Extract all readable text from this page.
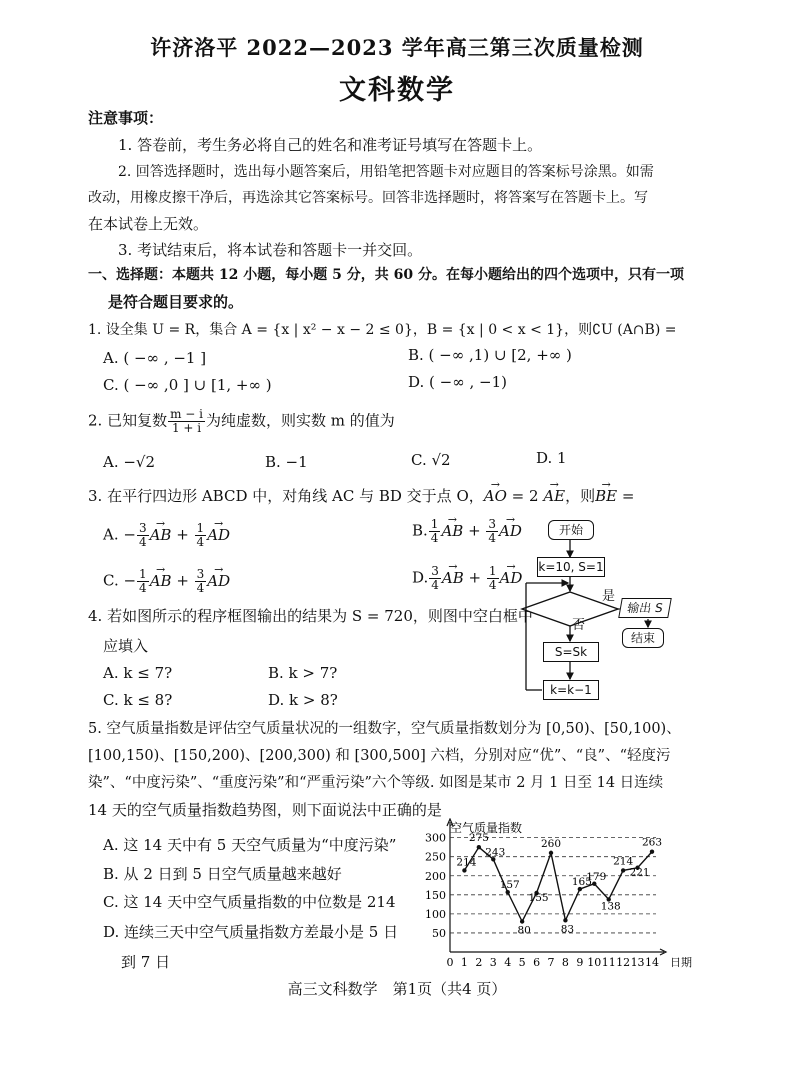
许济洛平 2022—2023 学年高三第三次质量检测
文科数学
注意事项：
1. 答卷前，考生务必将自己的姓名和准考证号填写在答题卡上。
2. 回答选择题时，选出每小题答案后，用铅笔把答题卡对应题目的答案标号涂黑。如需
改动，用橡皮擦干净后，再选涂其它答案标号。回答非选择题时，将答案写在答题卡上。写
在本试卷上无效。
3. 考试结束后，将本试卷和答题卡一并交回。
一、选择题：本题共 12 小题，每小题 5 分，共 60 分。在每小题给出的四个选项中，只有一项
是符合题目要求的。
1. 设全集 U = R，集合 A = {x | x² − x − 2 ≤ 0}，B = {x | 0 < x < 1}，则∁U (A∩B) =
A. ( −∞ , −1 ]	B. ( −∞ ,1) ∪ [2, +∞ )
C. ( −∞ ,0 ] ∪ [1, +∞ )	D. ( −∞ , −1)
2. 已知复数 $\frac{m - i}{1 + i}$ 为纯虚数，则实数 m 的值为
A. −√2	B. −1	C. √2	D. 1
3. 在平行四边形 ABCD 中，对角线 AC 与 BD 交于点 O，→ AO = 2 → AE，则→ BE =
A. − $\frac{3}{4}$ → AB + $\frac{1}{4}$ → AD	B. $\frac{1}{4}$ → AB + $\frac{3}{4}$ → AD
C. − $\frac{1}{4}$ → AB + $\frac{3}{4}$ → AD	D. $\frac{3}{4}$ → AB + $\frac{1}{4}$ → AD
4. 若如图所示的程序框图输出的结果为 S = 720，则图中空白框中
应填入
A. k ≤ 7?	B. k > 7?
C. k ≤ 8?	D. k > 8?
开始
k=10, S=1
是
否
输出 S
结束
S=Sk
k=k−1
5. 空气质量指数是评估空气质量状况的一组数字，空气质量指数划分为 [0,50)、[50,100)、
[100,150)、[150,200)、[200,300) 和 [300,500] 六档，分别对应“优”、“良”、“轻度污
染”、“中度污染”、“重度污染”和“严重污染”六个等级. 如图是某市 2 月 1 日至 14 日连续
14 天的空气质量指数趋势图，则下面说法中正确的是
A. 这 14 天中有 5 天空气质量为“中度污染”
B. 从 2 日到 5 日空气质量越来越好
C. 这 14 天中空气质量指数的中位数是 214
D. 连续三天中空气质量指数方差最小是 5 日
到 7 日
空气质量指数
50
100
150
200
250
300
0 1 2 3 4 5 6 7 8 9 10 11 12 13 14 日期
214
275
243
157
80
155
260
83
165
179
138
214
221
263
高三文科数学　第1页（共4 页）
